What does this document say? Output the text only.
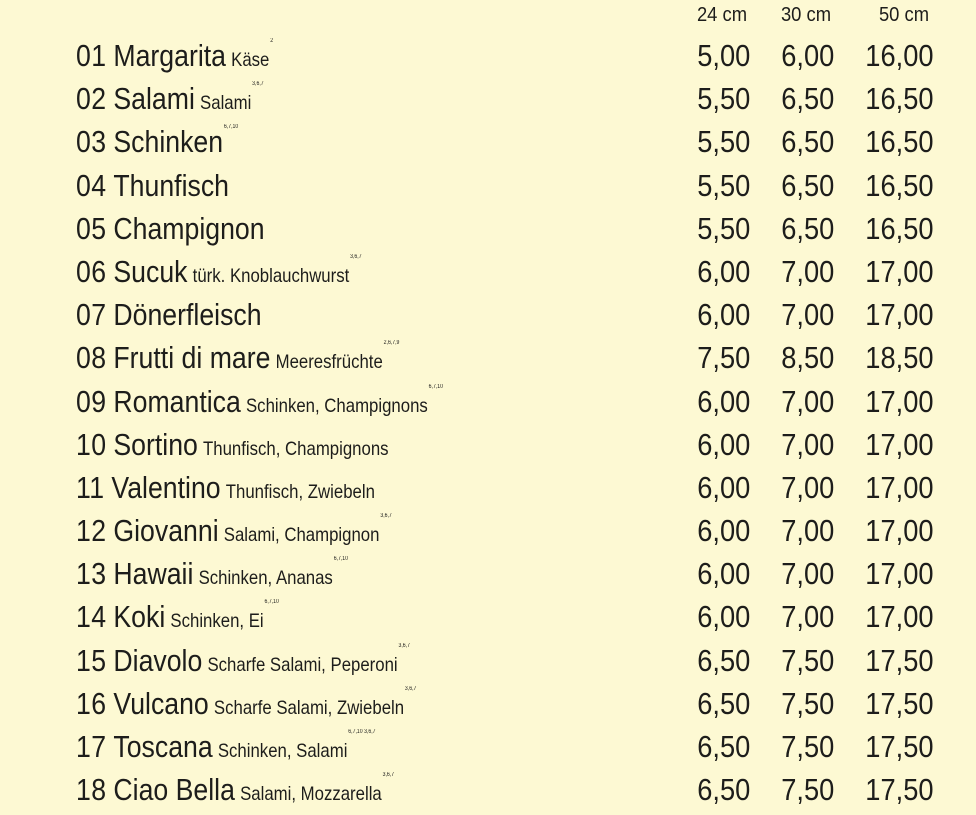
24 cm	30 cm	50 cm
01 Margarita Käse$^2$	5,00 6,00 16,00
02 Salami Salami$^{3,6,7}$	5,50 6,50 16,50
03 Schinken$^{6,7,10}$	5,50 6,50 16,50
04 Thunfisch	5,50 6,50 16,50
05 Champignon	5,50 6,50 16,50
06 Sucuk türk. Knoblauchwurst$^{3,6,7}$	6,00 7,00 17,00
07 Dönerfleisch	6,00 7,00 17,00
08 Frutti di mare Meeresfrüchte$^{2,6,7,9}$	7,50 8,50 18,50
09 Romantica Schinken, Champignons$^{6,7,10}$	6,00 7,00 17,00
10 Sortino Thunfisch, Champignons	6,00 7,00 17,00
11 Valentino Thunfisch, Zwiebeln	6,00 7,00 17,00
12 Giovanni Salami, Champignon$^{3,6,7}$	6,00 7,00 17,00
13 Hawaii Schinken, Ananas$^{6,7,10}$	6,00 7,00 17,00
14 Koki Schinken, Ei$^{6,7,10}$	6,00 7,00 17,00
15 Diavolo Scharfe Salami, Peperoni$^{3,6,7}$	6,50 7,50 17,50
16 Vulcano Scharfe Salami, Zwiebeln$^{3,6,7}$	6,50 7,50 17,50
17 Toscana Schinken, Salami$^{6,7,10 3,6,7}$	6,50 7,50 17,50
18 Ciao Bella Salami, Mozzarella$^{3,6,7}$	6,50 7,50 17,50
